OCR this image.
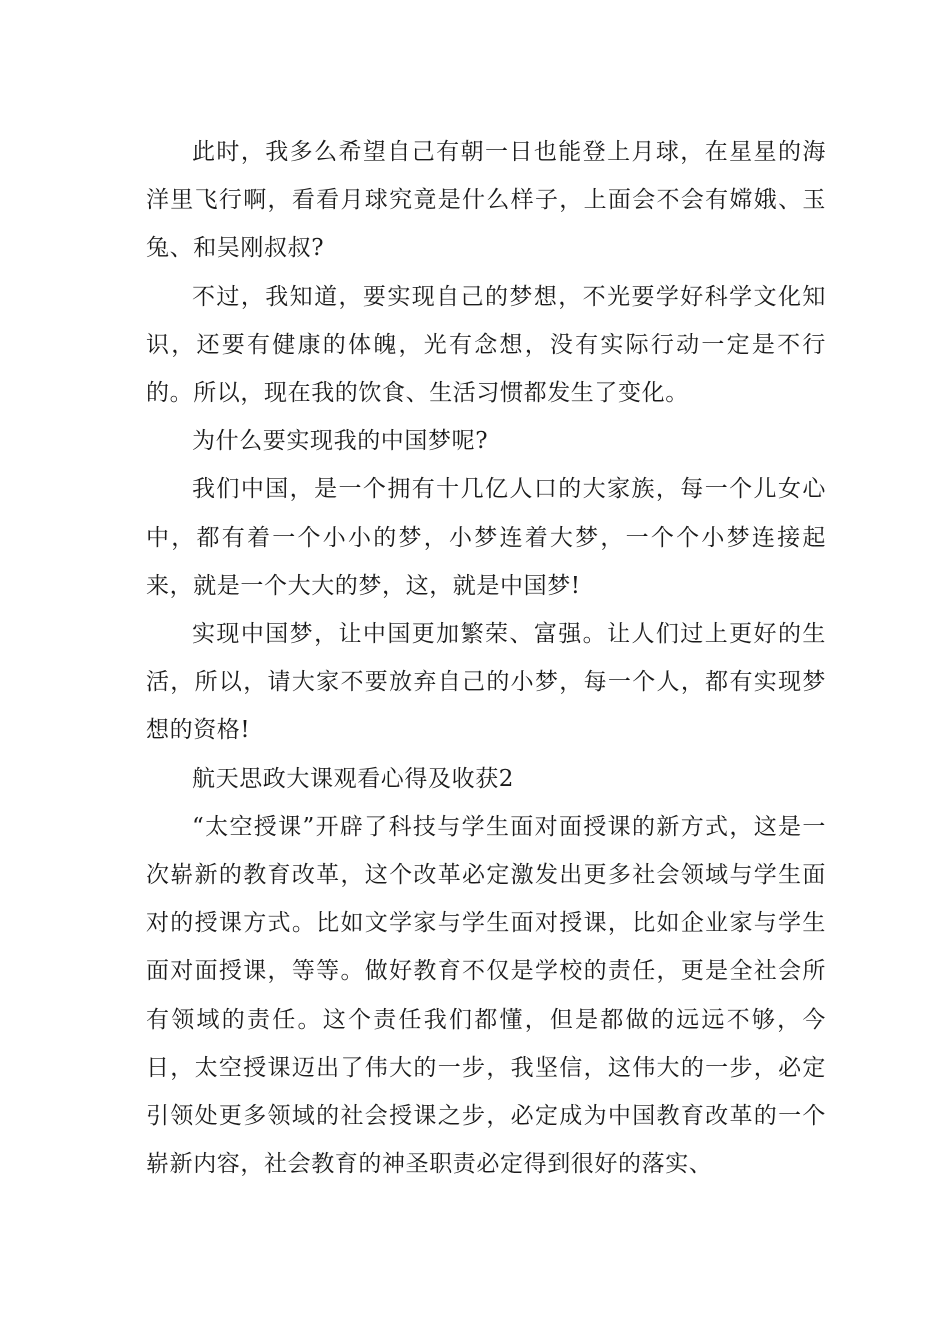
此时，我多么希望自己有朝一日也能登上月球，在星星的海洋里飞行啊，看看月球究竟是什么样子，上面会不会有嫦娥、玉兔、和吴刚叔叔?

不过，我知道，要实现自己的梦想，不光要学好科学文化知识，还要有健康的体魄，光有念想，没有实际行动一定是不行的。所以，现在我的饮食、生活习惯都发生了变化。

为什么要实现我的中国梦呢?

我们中国，是一个拥有十几亿人口的大家族，每一个儿女心中，都有着一个小小的梦，小梦连着大梦，一个个小梦连接起来，就是一个大大的梦，这，就是中国梦!

实现中国梦，让中国更加繁荣、富强。让人们过上更好的生活，所以，请大家不要放弃自己的小梦，每一个人，都有实现梦想的资格!

航天思政大课观看心得及收获2

“太空授课”开辟了科技与学生面对面授课的新方式，这是一次崭新的教育改革，这个改革必定激发出更多社会领域与学生面对的授课方式。比如文学家与学生面对授课，比如企业家与学生面对面授课，等等。做好教育不仅是学校的责任，更是全社会所有领域的责任。这个责任我们都懂，但是都做的远远不够，今日，太空授课迈出了伟大的一步，我坚信，这伟大的一步，必定引领处更多领域的社会授课之步，必定成为中国教育改革的一个崭新内容，社会教育的神圣职责必定得到很好的落实、
